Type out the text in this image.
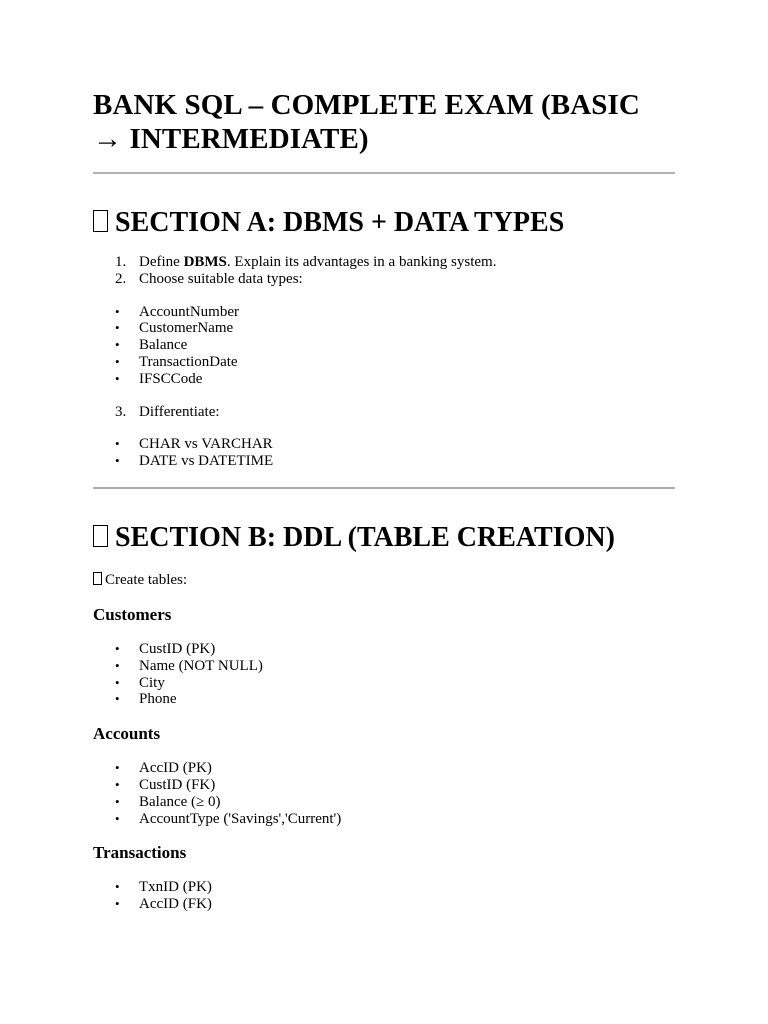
BANK SQL – COMPLETE EXAM (BASIC → INTERMEDIATE)
SECTION A: DBMS + DATA TYPES
1. Define DBMS. Explain its advantages in a banking system.
2. Choose suitable data types:
• AccountNumber
• CustomerName
• Balance
• TransactionDate
• IFSCCode
3. Differentiate:
• CHAR vs VARCHAR
• DATE vs DATETIME
SECTION B: DDL (TABLE CREATION)

Create tables:

Customers
• CustID (PK)
• Name (NOT NULL)
• City
• Phone
Accounts
• AccID (PK)
• CustID (FK)
• Balance (≥ 0)
• AccountType ('Savings','Current')
Transactions
• TxnID (PK)
• AccID (FK)
